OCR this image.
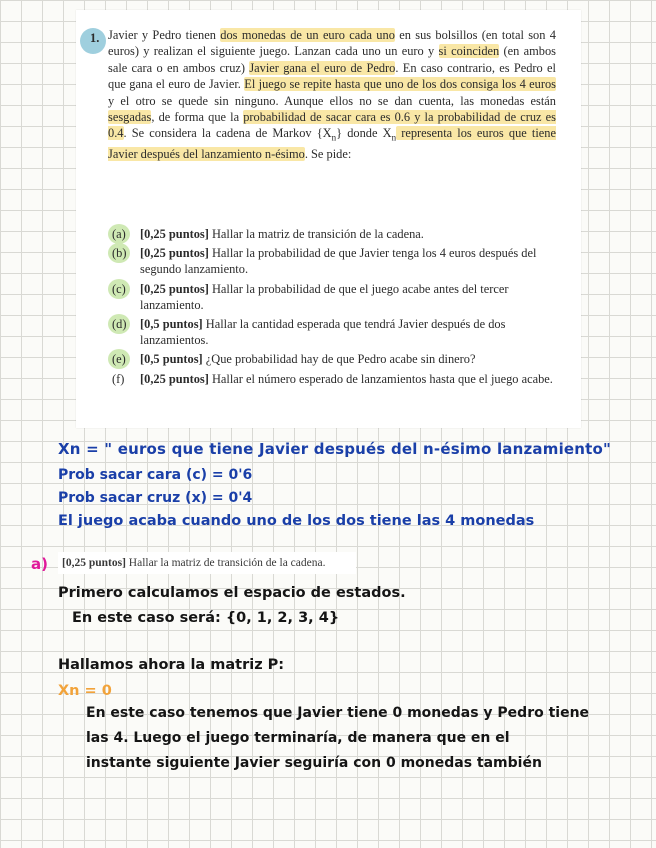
1. Javier y Pedro tienen dos monedas de un euro cada uno en sus bolsillos (en total son 4 euros) y realizan el siguiente juego. Lanzan cada uno un euro y si coinciden (en ambos sale cara o en ambos cruz) Javier gana el euro de Pedro. En caso contrario, es Pedro el que gana el euro de Javier. El juego se repite hasta que uno de los dos consiga los 4 euros y el otro se quede sin ninguno. Aunque ellos no se dan cuenta, las monedas están sesgadas, de forma que la probabilidad de sacar cara es 0.6 y la probabilidad de cruz es 0.4. Se considera la cadena de Markov $\{X_n\}$ donde $X_n$ representa los euros que tiene Javier después del lanzamiento n-ésimo. Se pide:
(a) [0,25 puntos] Hallar la matriz de transición de la cadena.
(b) [0,25 puntos] Hallar la probabilidad de que Javier tenga los 4 euros después del segundo lanzamiento.
(c) [0,25 puntos] Hallar la probabilidad de que el juego acabe antes del tercer lanzamiento.
(d) [0,5 puntos] Hallar la cantidad esperada que tendrá Javier después de dos lanzamientos.
(e) [0,5 puntos] ¿Que probabilidad hay de que Pedro acabe sin dinero?
(f) [0,25 puntos] Hallar el número esperado de lanzamientos hasta que el juego acabe.
Xn = " euros que tiene Javier después del n-ésimo lanzamiento"
Prob sacar cara (c) = 0'6
Prob sacar cruz (x) = 0'4
El juego acaba cuando uno de los dos tiene las 4 monedas
a) [0,25 puntos] Hallar la matriz de transición de la cadena.
Primero calculamos el espacio de estados.
En este caso será: {0, 1, 2, 3, 4}
Hallamos ahora la matriz P:
Xn = 0
En este caso tenemos que Javier tiene 0 monedas y Pedro tiene
las 4. Luego el juego terminaría, de manera que en el
instante siguiente Javier seguiría con 0 monedas también
